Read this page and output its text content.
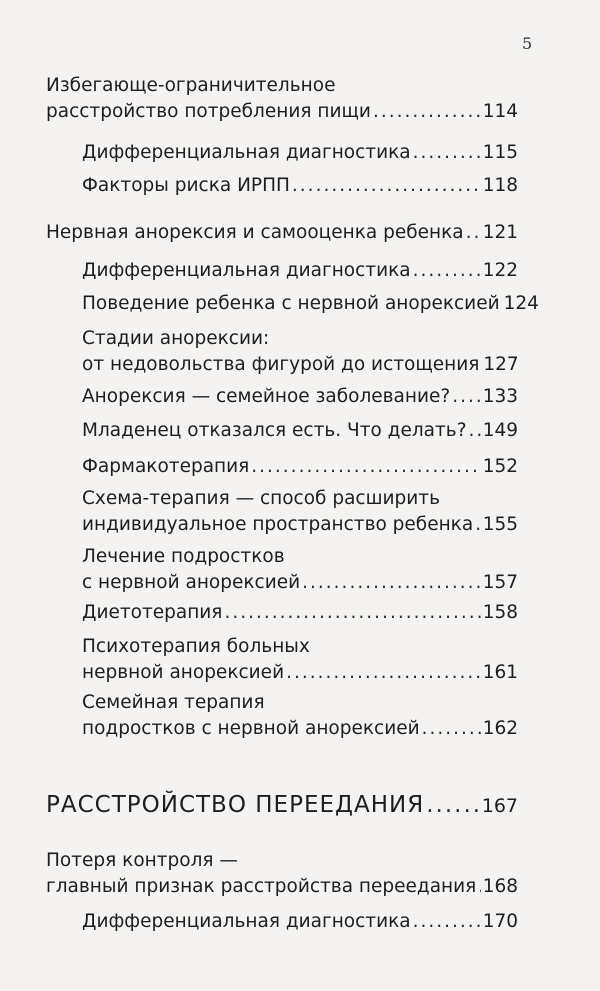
5
Избегающе-ограничительное
расстройство потребления пищи .....	114
Дифференциальная диагностика .....	115
Факторы риска ИРПП .....	118
Нервная анорексия и самооценка ребенка ..... 121
Дифференциальная диагностика .....	122
Поведение ребенка с нервной анорексией 124
Стадии анорексии:
от недовольства фигурой до истощения 127
Анорексия — семейное заболевание? ..... 133
Младенец отказался есть. Что делать? ..... 149
Фармакотерапия .....	152
Схема-терапия — способ расширить
индивидуальное пространство ребенка ..... 155
Лечение подростков
с нервной анорексией .....	157
Диетотерапия .....	158
Психотерапия больных
нервной анорексией .....	161
Семейная терапия
подростков с нервной анорексией .....	162
РАССТРОЙСТВО ПЕРЕЕДАНИЯ .....	167
Потеря контроля —
главный признак расстройства переедания ..... 168
Дифференциальная диагностика .....	170
